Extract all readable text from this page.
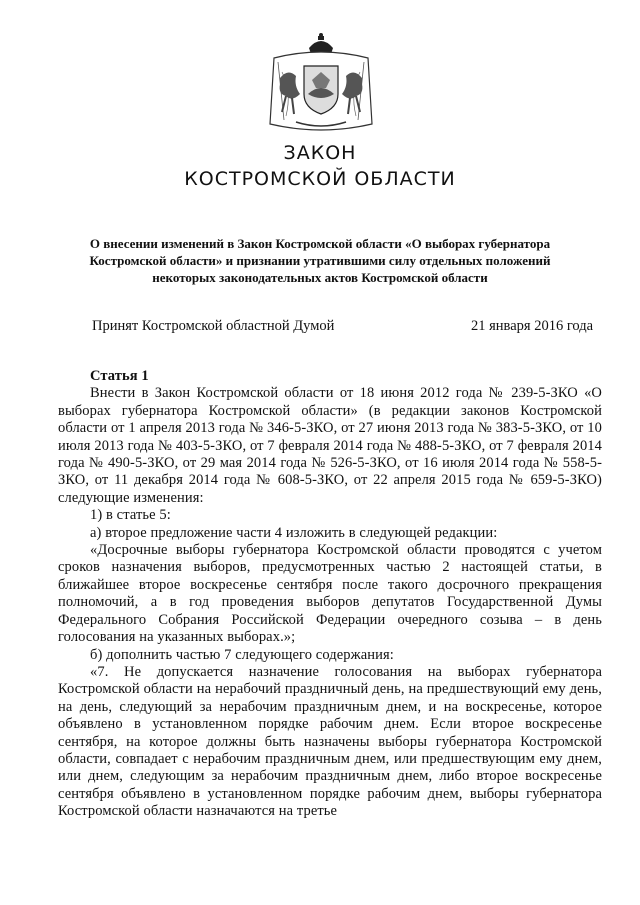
ЗАКОН
КОСТРОМСКОЙ ОБЛАСТИ

О внесении изменений в Закон Костромской области «О выборах губернатора Костромской области» и признании утратившими силу отдельных положений некоторых законодательных актов Костромской области

Принят Костромской областной Думой	21 января 2016 года

Статья 1

Внести в Закон Костромской области от 18 июня 2012 года № 239-5-ЗКО «О выборах губернатора Костромской области» (в редакции законов Костромской области от 1 апреля 2013 года № 346-5-ЗКО, от 27 июня 2013 года № 383-5-ЗКО, от 10 июля 2013 года № 403-5-ЗКО, от 7 февраля 2014 года № 488-5-ЗКО, от 7 февраля 2014 года № 490-5-ЗКО, от 29 мая 2014 года № 526-5-ЗКО, от 16 июля 2014 года № 558-5-ЗКО, от 11 декабря 2014 года № 608-5-ЗКО, от 22 апреля 2015 года № 659-5-ЗКО) следующие изменения:

1) в статье 5:

а) второе предложение части 4 изложить в следующей редакции:

«Досрочные выборы губернатора Костромской области проводятся с учетом сроков назначения выборов, предусмотренных частью 2 настоящей статьи, в ближайшее второе воскресенье сентября после такого досрочного прекращения полномочий, а в год проведения выборов депутатов Государственной Думы Федерального Собрания Российской Федерации очередного созыва – в день голосования на указанных выборах.»;

б) дополнить частью 7 следующего содержания:

«7. Не допускается назначение голосования на выборах губернатора Костромской области на нерабочий праздничный день, на предшествующий ему день, на день, следующий за нерабочим праздничным днем, и на воскресенье, которое объявлено в установленном порядке рабочим днем. Если второе воскресенье сентября, на которое должны быть назначены выборы губернатора Костромской области, совпадает с нерабочим праздничным днем, или предшествующим ему днем, или днем, следующим за нерабочим праздничным днем, либо второе воскресенье сентября объявлено в установленном порядке рабочим днем, выборы губернатора Костромской области назначаются на третье
